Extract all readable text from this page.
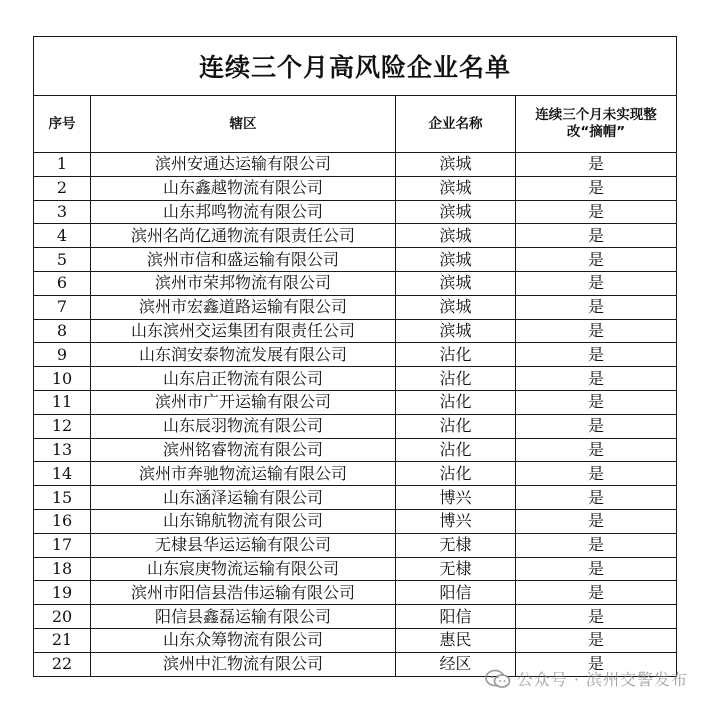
连续三个月高风险企业名单			
序号	辖区	企业名称	连续三个月未实现整改“摘帽”
1	滨州安通达运输有限公司	滨城	是
2	山东鑫越物流有限公司	滨城	是
3	山东邦鸣物流有限公司	滨城	是
4	滨州名尚亿通物流有限责任公司	滨城	是
5	滨州市信和盛运输有限公司	滨城	是
6	滨州市荣邦物流有限公司	滨城	是
7	滨州市宏鑫道路运输有限公司	滨城	是
8	山东滨州交运集团有限责任公司	滨城	是
9	山东润安泰物流发展有限公司	沾化	是
10	山东启正物流有限公司	沾化	是
11	滨州市广开运输有限公司	沾化	是
12	山东辰羽物流有限公司	沾化	是
13	滨州铭睿物流有限公司	沾化	是
14	滨州市奔驰物流运输有限公司	沾化	是
15	山东涵泽运输有限公司	博兴	是
16	山东锦航物流有限公司	博兴	是
17	无棣县华运运输有限公司	无棣	是
18	山东宸庚物流运输有限公司	无棣	是
19	滨州市阳信县浩伟运输有限公司	阳信	是
20	阳信县鑫磊运输有限公司	阳信	是
21	山东众筹物流有限公司	惠民	是
22	滨州中汇物流有限公司	经区	是
公众号 · 滨州交警发布
